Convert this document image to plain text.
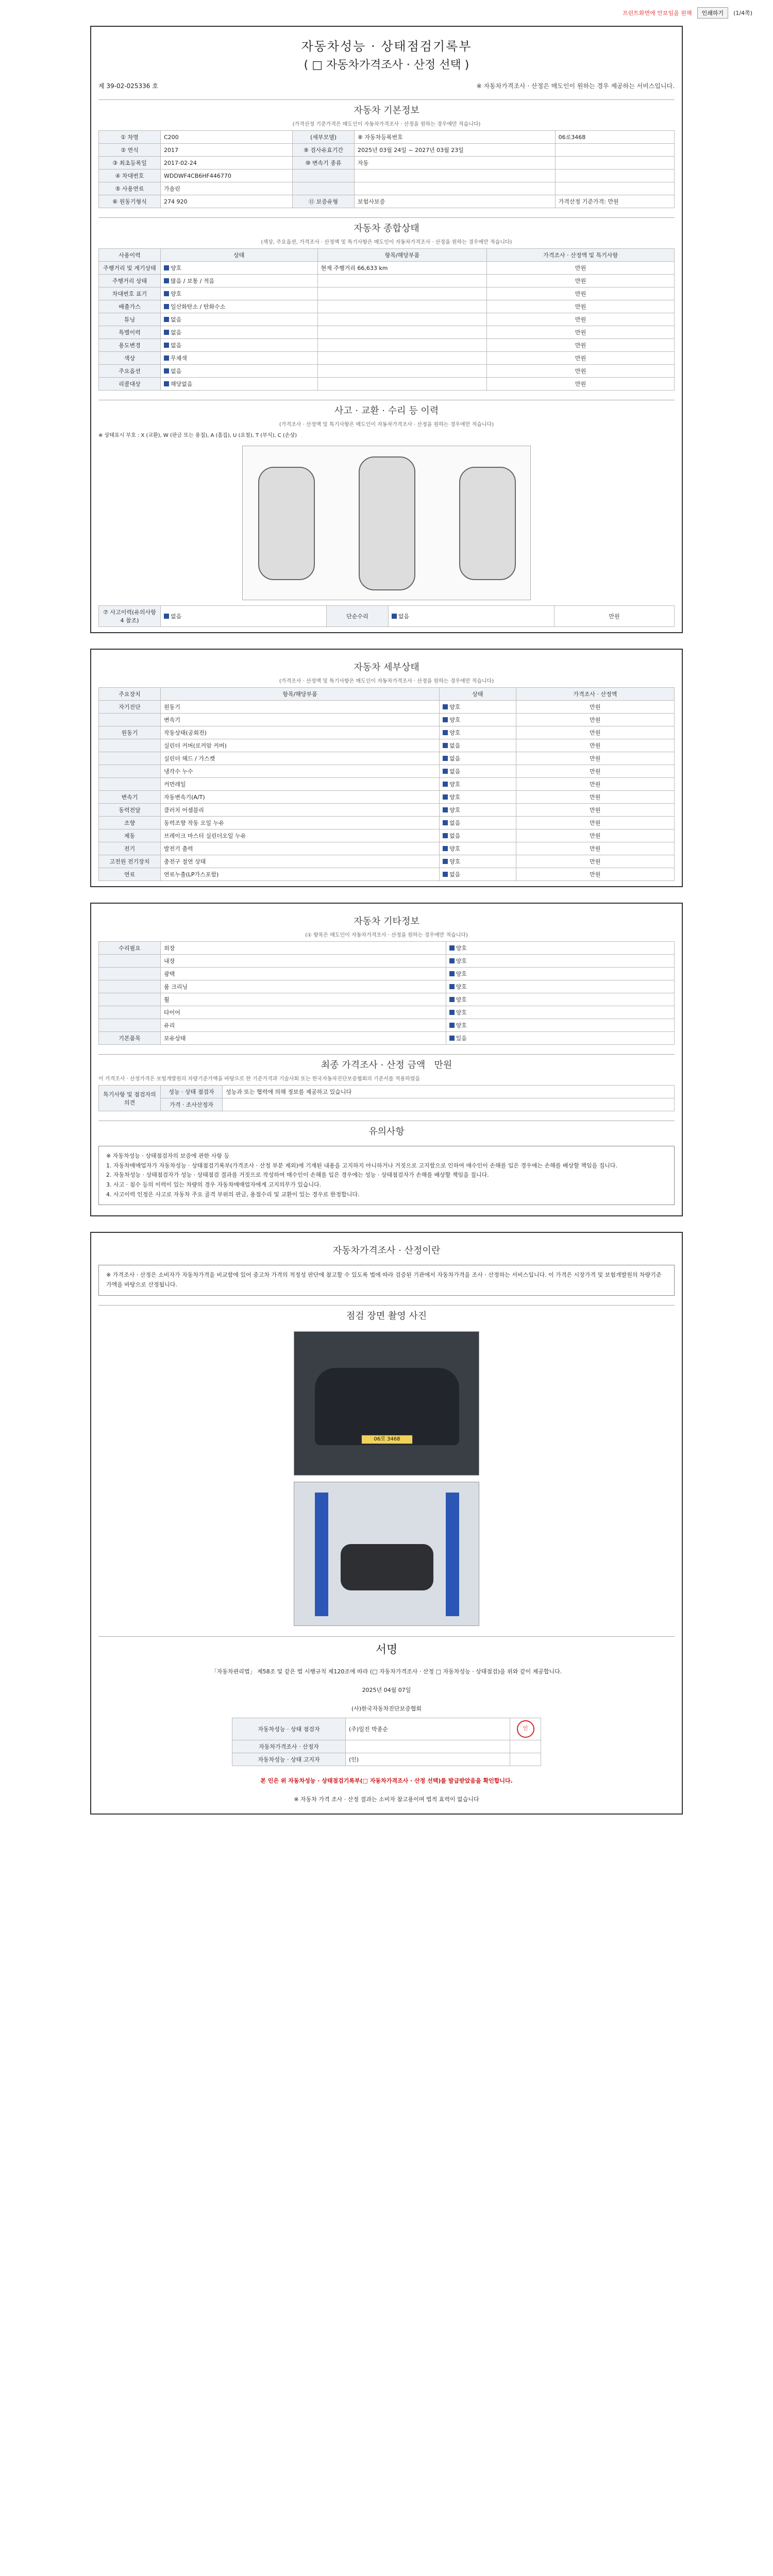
프린트화면에 안보임을 원해	인쇄하기	(1/4쪽)
자동차성능 · 상태점검기록부
( □ 자동차가격조사 · 산정 선택 )
제 39-02-025336 호	※ 자동차가격조사 · 산정은 매도인이 원하는 경우 제공하는 서비스입니다.
자동차 기본정보
(가격산정 기준가격은 매도인이 자동차가격조사 · 산정을 원하는 경우에만 적습니다)
① 차명	C200	(세부모델)	⑧ 자동차등록번호	06로3468
② 연식	2017	⑨ 검사유효기간	2025년 03월 24일 ~ 2027년 03월 23일	
③ 최초등록일	2017-02-24	⑩ 변속기 종류	자동	
④ 차대번호	WDDWF4CB6HF446770			
⑤ 사용연료	가솔린			
⑥ 원동기형식	274 920	⑪ 보증유형	보험사보증	가격산정 기준가격: 만원
자동차 종합상태
(색상, 주요옵션, 가격조사 · 산정액 및 특기사항은 매도인이 자동차가격조사 · 산정을 원하는 경우에만 적습니다)
사용이력	상태	항목/해당부품	가격조사 · 산정액 및 특기사항
주행거리 및 계기상태	양호	현재 주행거리 66,633 km	만원
주행거리 상태	많음 / 보통 / 적음		만원
차대번호 표기	양호		만원
배출가스	일산화탄소 / 탄화수소		만원
튜닝	없음		만원
특별이력	없음		만원
용도변경	없음		만원
색상	무채색		만원
주요옵션	없음		만원
리콜대상	해당없음		만원
사고 · 교환 · 수리 등 이력
(가격조사 · 산정액 및 특기사항은 매도인이 자동차가격조사 · 산정을 원하는 경우에만 적습니다)
※ 상태표시 부호 : X (교환), W (판금 또는 용접), A (흠집), U (요철), T (부식), C (손상)
⑦ 사고이력(유의사항 4 참조)	없음	단순수리	없음	만원
자동차 세부상태
(가격조사 · 산정액 및 특기사항은 매도인이 자동차가격조사 · 산정을 원하는 경우에만 적습니다)
주요장치	항목/해당부품	상태	가격조사 · 산정액
자기진단	원동기	양호	만원
	변속기	양호	만원
원동기	작동상태(공회전)	양호	만원
	실린더 커버(로커암 커버)	없음	만원
	실린더 헤드 / 가스켓	없음	만원
	냉각수 누수	없음	만원
	커먼레일	양호	만원
변속기	자동변속기(A/T)	양호	만원
동력전달	클러치 어셈블리	양호	만원
조향	동력조향 작동 오일 누유	없음	만원
제동	브레이크 마스터 실린더오일 누유	없음	만원
전기	발전기 출력	양호	만원
고전원 전기장치	충전구 절연 상태	양호	만원
연료	연료누출(LP가스포함)	없음	만원
자동차 기타정보
(① 항목은 매도인이 자동차가격조사 · 산정을 원하는 경우에만 적습니다)
수리필요	외장	양호
	내장	양호
	광택	양호
	룸 크리닝	양호
	휠	양호
	타이어	양호
	유리	양호
기본품목	보유상태	있음
최종 가격조사 · 산정 금액 만원
이 가격조사 · 산정가격은 보험개발원의 차량기준가액을 바탕으로 한 기준가격과 기술사회 또는 한국자동차진단보증협회의 기준서를 적용하였음
특기사항 및 점검자의 의견	성능 · 상태 점검자	성능과 또는 협력에 의해 정보를 제공하고 있습니다
	가격 · 조사산정자	
유의사항
※ 자동차성능 · 상태점검자의 보증에 관한 사항 등
1. 자동차매매업자가 자동차성능 · 상태점검기록부(가격조사 · 산정 부분 제외)에 기재된 내용을 고지하지 아니하거나 거짓으로 고지함으로 인하여 매수인이 손해를 입은 경우에는 손해를 배상할 책임을 집니다.
2. 자동차성능 · 상태점검자가 성능 · 상태점검 결과를 거짓으로 작성하여 매수인이 손해를 입은 경우에는 성능 · 상태점검자가 손해를 배상할 책임을 집니다.
3. 사고 · 침수 등의 이력이 있는 차량의 경우 자동차매매업자에게 고지의무가 있습니다.
4. 사고이력 인정은 사고로 자동차 주요 골격 부위의 판금, 용접수리 및 교환이 있는 경우로 한정합니다.
자동차가격조사 · 산정이란
※ 가격조사 · 산정은 소비자가 자동차가격을 비교함에 있어 중고차 가격의 적정성 판단에 참고할 수 있도록 법에 따라 검증된 기관에서 자동차가격을 조사 · 산정하는 서비스입니다. 이 가격은 시장가격 및 보험개발원의 차량기준가액을 바탕으로 산정됩니다.
점검 장면 촬영 사진
06로 3468
서명
「자동차관리법」 제58조 및 같은 법 시행규칙 제120조에 따라 (□ 자동차가격조사 · 산정 □ 자동차성능 · 상태점검)을 위와 같이 제공합니다.
2025년 04월 07일
(사)한국자동차진단보증협회
자동차성능 · 상태 점검자	(주)일진 박종순	인
자동차가격조사 · 산정자		
자동차성능 · 상태 고지자	(인)	
본 인은 위 자동차성능 · 상태점검기록부(□ 자동차가격조사 · 산정 선택)를 발급받았음을 확인합니다.
※ 자동차 가격 조사 · 산정 결과는 소비자 참고용이며 법적 효력이 없습니다
